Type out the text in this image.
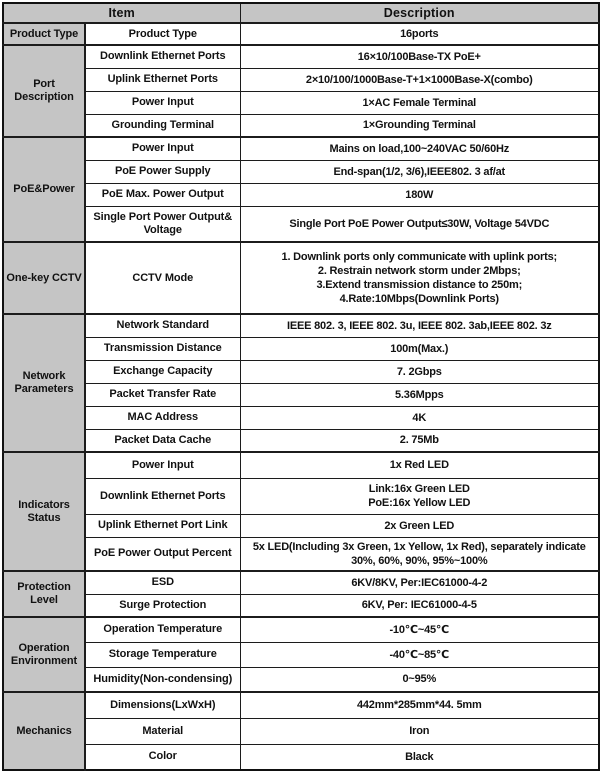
Item		Description
Product Type	Product Type	16ports
Port Description	Downlink Ethernet Ports	16×10/100Base-TX PoE+
	Uplink Ethernet Ports	2×10/100/1000Base-T+1×1000Base-X(combo)
	Power Input	1×AC Female Terminal
	Grounding Terminal	1×Grounding Terminal
PoE&Power	Power Input	Mains on load,100~240VAC 50/60Hz
	PoE Power Supply	End-span(1/2, 3/6),IEEE802. 3 af/at
	PoE Max. Power Output	180W
	Single Port Power Output& Voltage	Single Port PoE Power Output≤30W, Voltage 54VDC
One-key CCTV	CCTV Mode	1. Downlink ports only communicate with uplink ports;
2. Restrain network storm under 2Mbps;
3.Extend transmission distance to 250m;
4.Rate:10Mbps(Downlink Ports)

Network Parameters	Network Standard	IEEE 802. 3, IEEE 802. 3u, IEEE 802. 3ab,IEEE 802. 3z
	Transmission Distance	100m(Max.)
	Exchange Capacity	7. 2Gbps
	Packet Transfer Rate	5.36Mpps
	MAC Address	4K
	Packet Data Cache	2. 75Mb
Indicators Status	Power Input	1x Red LED
	Downlink Ethernet Ports	Link:16x Green LED
PoE:16x Yellow LED

	Uplink Ethernet Port Link	2x Green LED
	PoE Power Output Percent	5x LED(Including 3x Green, 1x Yellow, 1x Red), separately indicate
30%, 60%, 90%, 95%~100%

Protection Level	ESD	6KV/8KV, Per:IEC61000-4-2
	Surge Protection	6KV, Per: IEC61000-4-5
Operation Environment	Operation Temperature	-10℃~45℃
	Storage Temperature	-40℃~85℃
	Humidity(Non-condensing)	0~95%
Mechanics	Dimensions(LxWxH)	442mm*285mm*44. 5mm
	Material	Iron
	Color	Black
